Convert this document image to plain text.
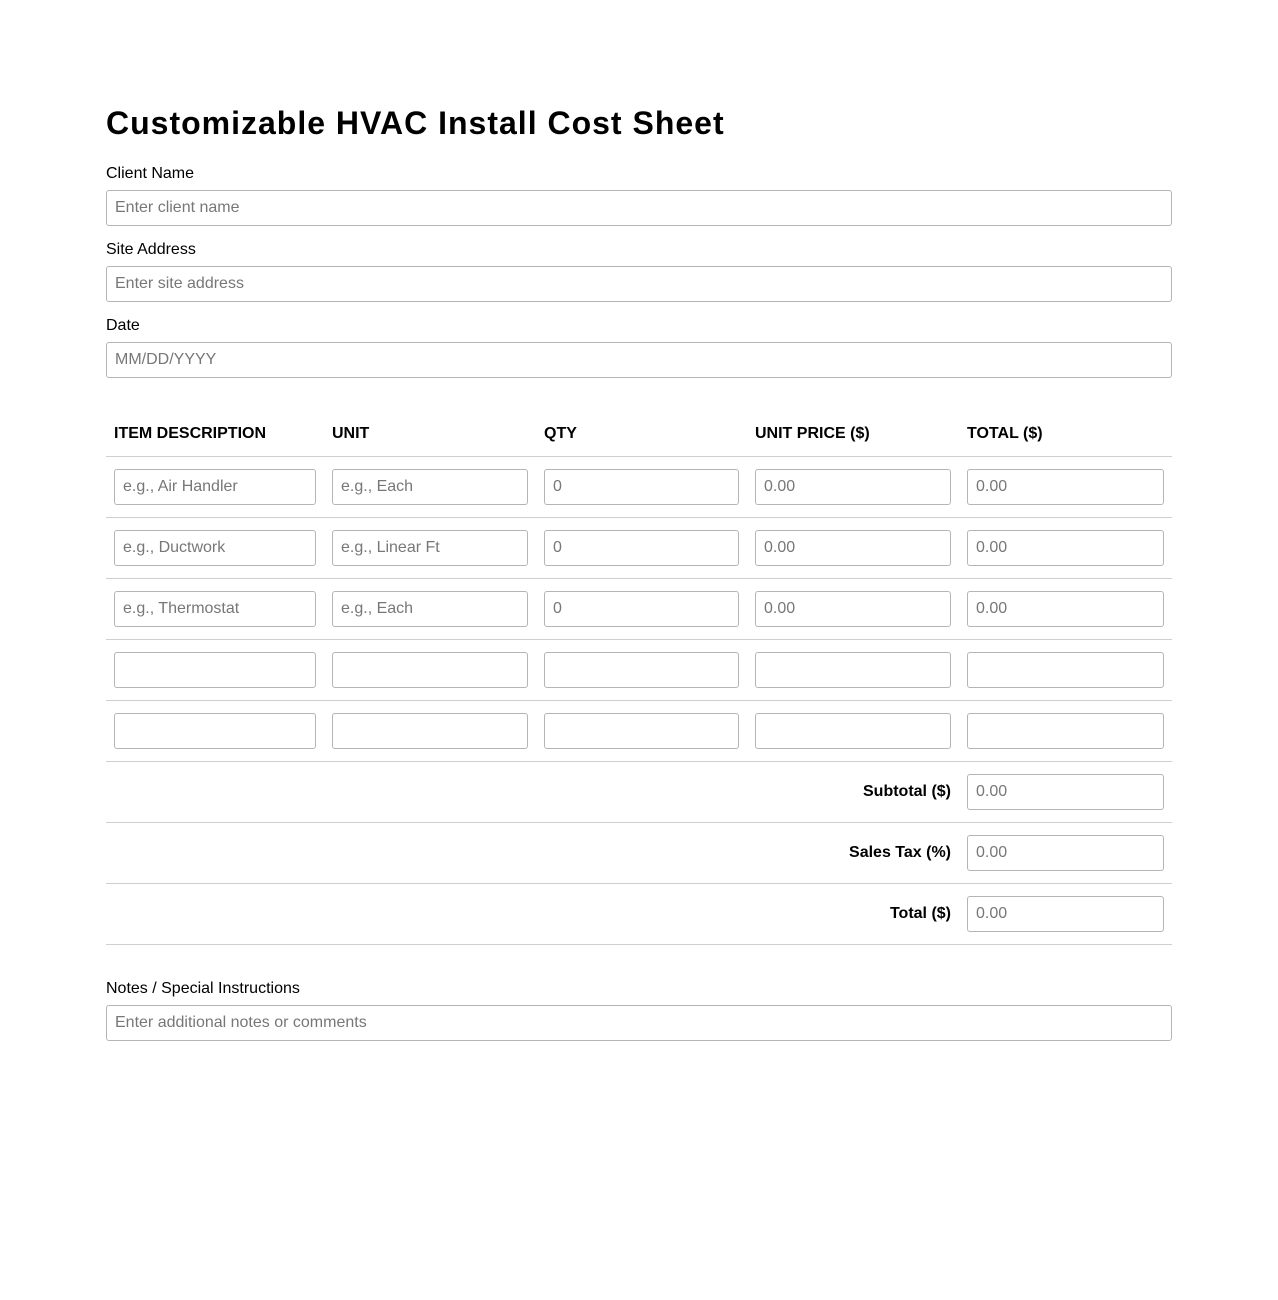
Customizable HVAC Install Cost Sheet
Client Name
Enter client name
Site Address
Enter site address
Date
MM/DD/YYYY
ITEM DESCRIPTION	UNIT	QTY	UNIT PRICE ($)	TOTAL ($)

e.g., Air Handler	
e.g., Each	
0	
0.00	
0.00

e.g., Ductwork	
e.g., Linear Ft	
0	
0.00	
0.00

e.g., Thermostat	
e.g., Each	
0	
0.00	
0.00

Subtotal ($)	
0.00
Sales Tax (%)	
0.00
Total ($)	
0.00
Notes / Special Instructions
Enter additional notes or comments
